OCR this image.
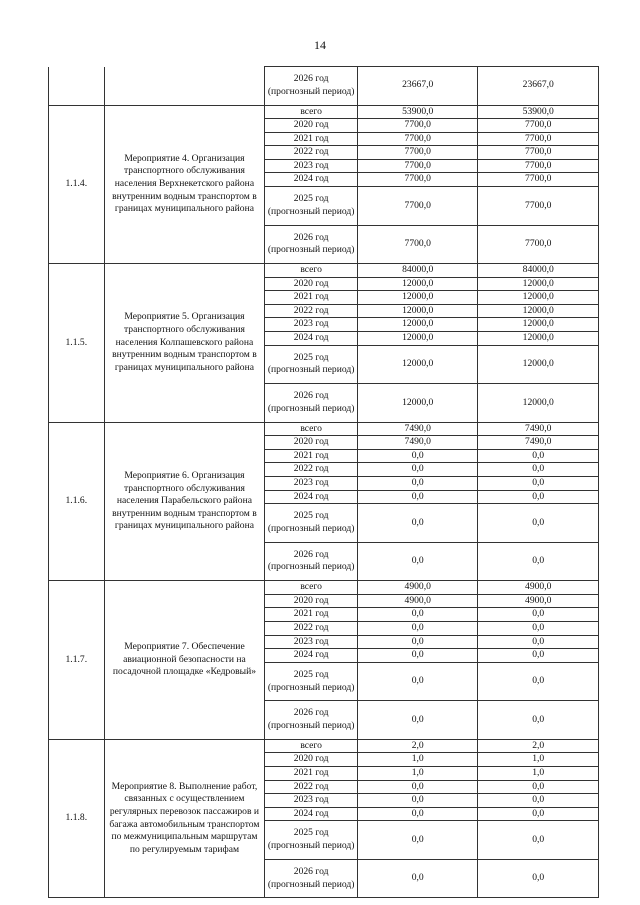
14
		2026 год (прогнозный период)	23667,0	23667,0
1.1.4.	Мероприятие 4. Организация транспортного обслуживания населения Верхнекетского района внутренним водным транспортом в границах муниципального района	всего	53900,0	53900,0
		2020 год	7700,0	7700,0
		2021 год	7700,0	7700,0
		2022 год	7700,0	7700,0
		2023 год	7700,0	7700,0
		2024 год	7700,0	7700,0
		2025 год (прогнозный период)	7700,0	7700,0
		2026 год (прогнозный период)	7700,0	7700,0
1.1.5.	Мероприятие 5. Организация транспортного обслуживания населения Колпашевского района внутренним водным транспортом в границах муниципального района	всего	84000,0	84000,0
		2020 год	12000,0	12000,0
		2021 год	12000,0	12000,0
		2022 год	12000,0	12000,0
		2023 год	12000,0	12000,0
		2024 год	12000,0	12000,0
		2025 год (прогнозный период)	12000,0	12000,0
		2026 год (прогнозный период)	12000,0	12000,0
1.1.6.	Мероприятие 6. Организация транспортного обслуживания населения Парабельского района внутренним водным транспортом в границах муниципального района	всего	7490,0	7490,0
		2020 год	7490,0	7490,0
		2021 год	0,0	0,0
		2022 год	0,0	0,0
		2023 год	0,0	0,0
		2024 год	0,0	0,0
		2025 год (прогнозный период)	0,0	0,0
		2026 год (прогнозный период)	0,0	0,0
1.1.7.	Мероприятие 7. Обеспечение авиационной безопасности на посадочной площадке «Кедровый»	всего	4900,0	4900,0
		2020 год	4900,0	4900,0
		2021 год	0,0	0,0
		2022 год	0,0	0,0
		2023 год	0,0	0,0
		2024 год	0,0	0,0
		2025 год (прогнозный период)	0,0	0,0
		2026 год (прогнозный период)	0,0	0,0
1.1.8.	Мероприятие 8. Выполнение работ, связанных с осуществлением регулярных перевозок пассажиров и багажа автомобильным транспортом по межмуниципальным маршрутам по регулируемым тарифам	всего	2,0	2,0
		2020 год	1,0	1,0
		2021 год	1,0	1,0
		2022 год	0,0	0,0
		2023 год	0,0	0,0
		2024 год	0,0	0,0
		2025 год (прогнозный период)	0,0	0,0
		2026 год (прогнозный период)	0,0	0,0
